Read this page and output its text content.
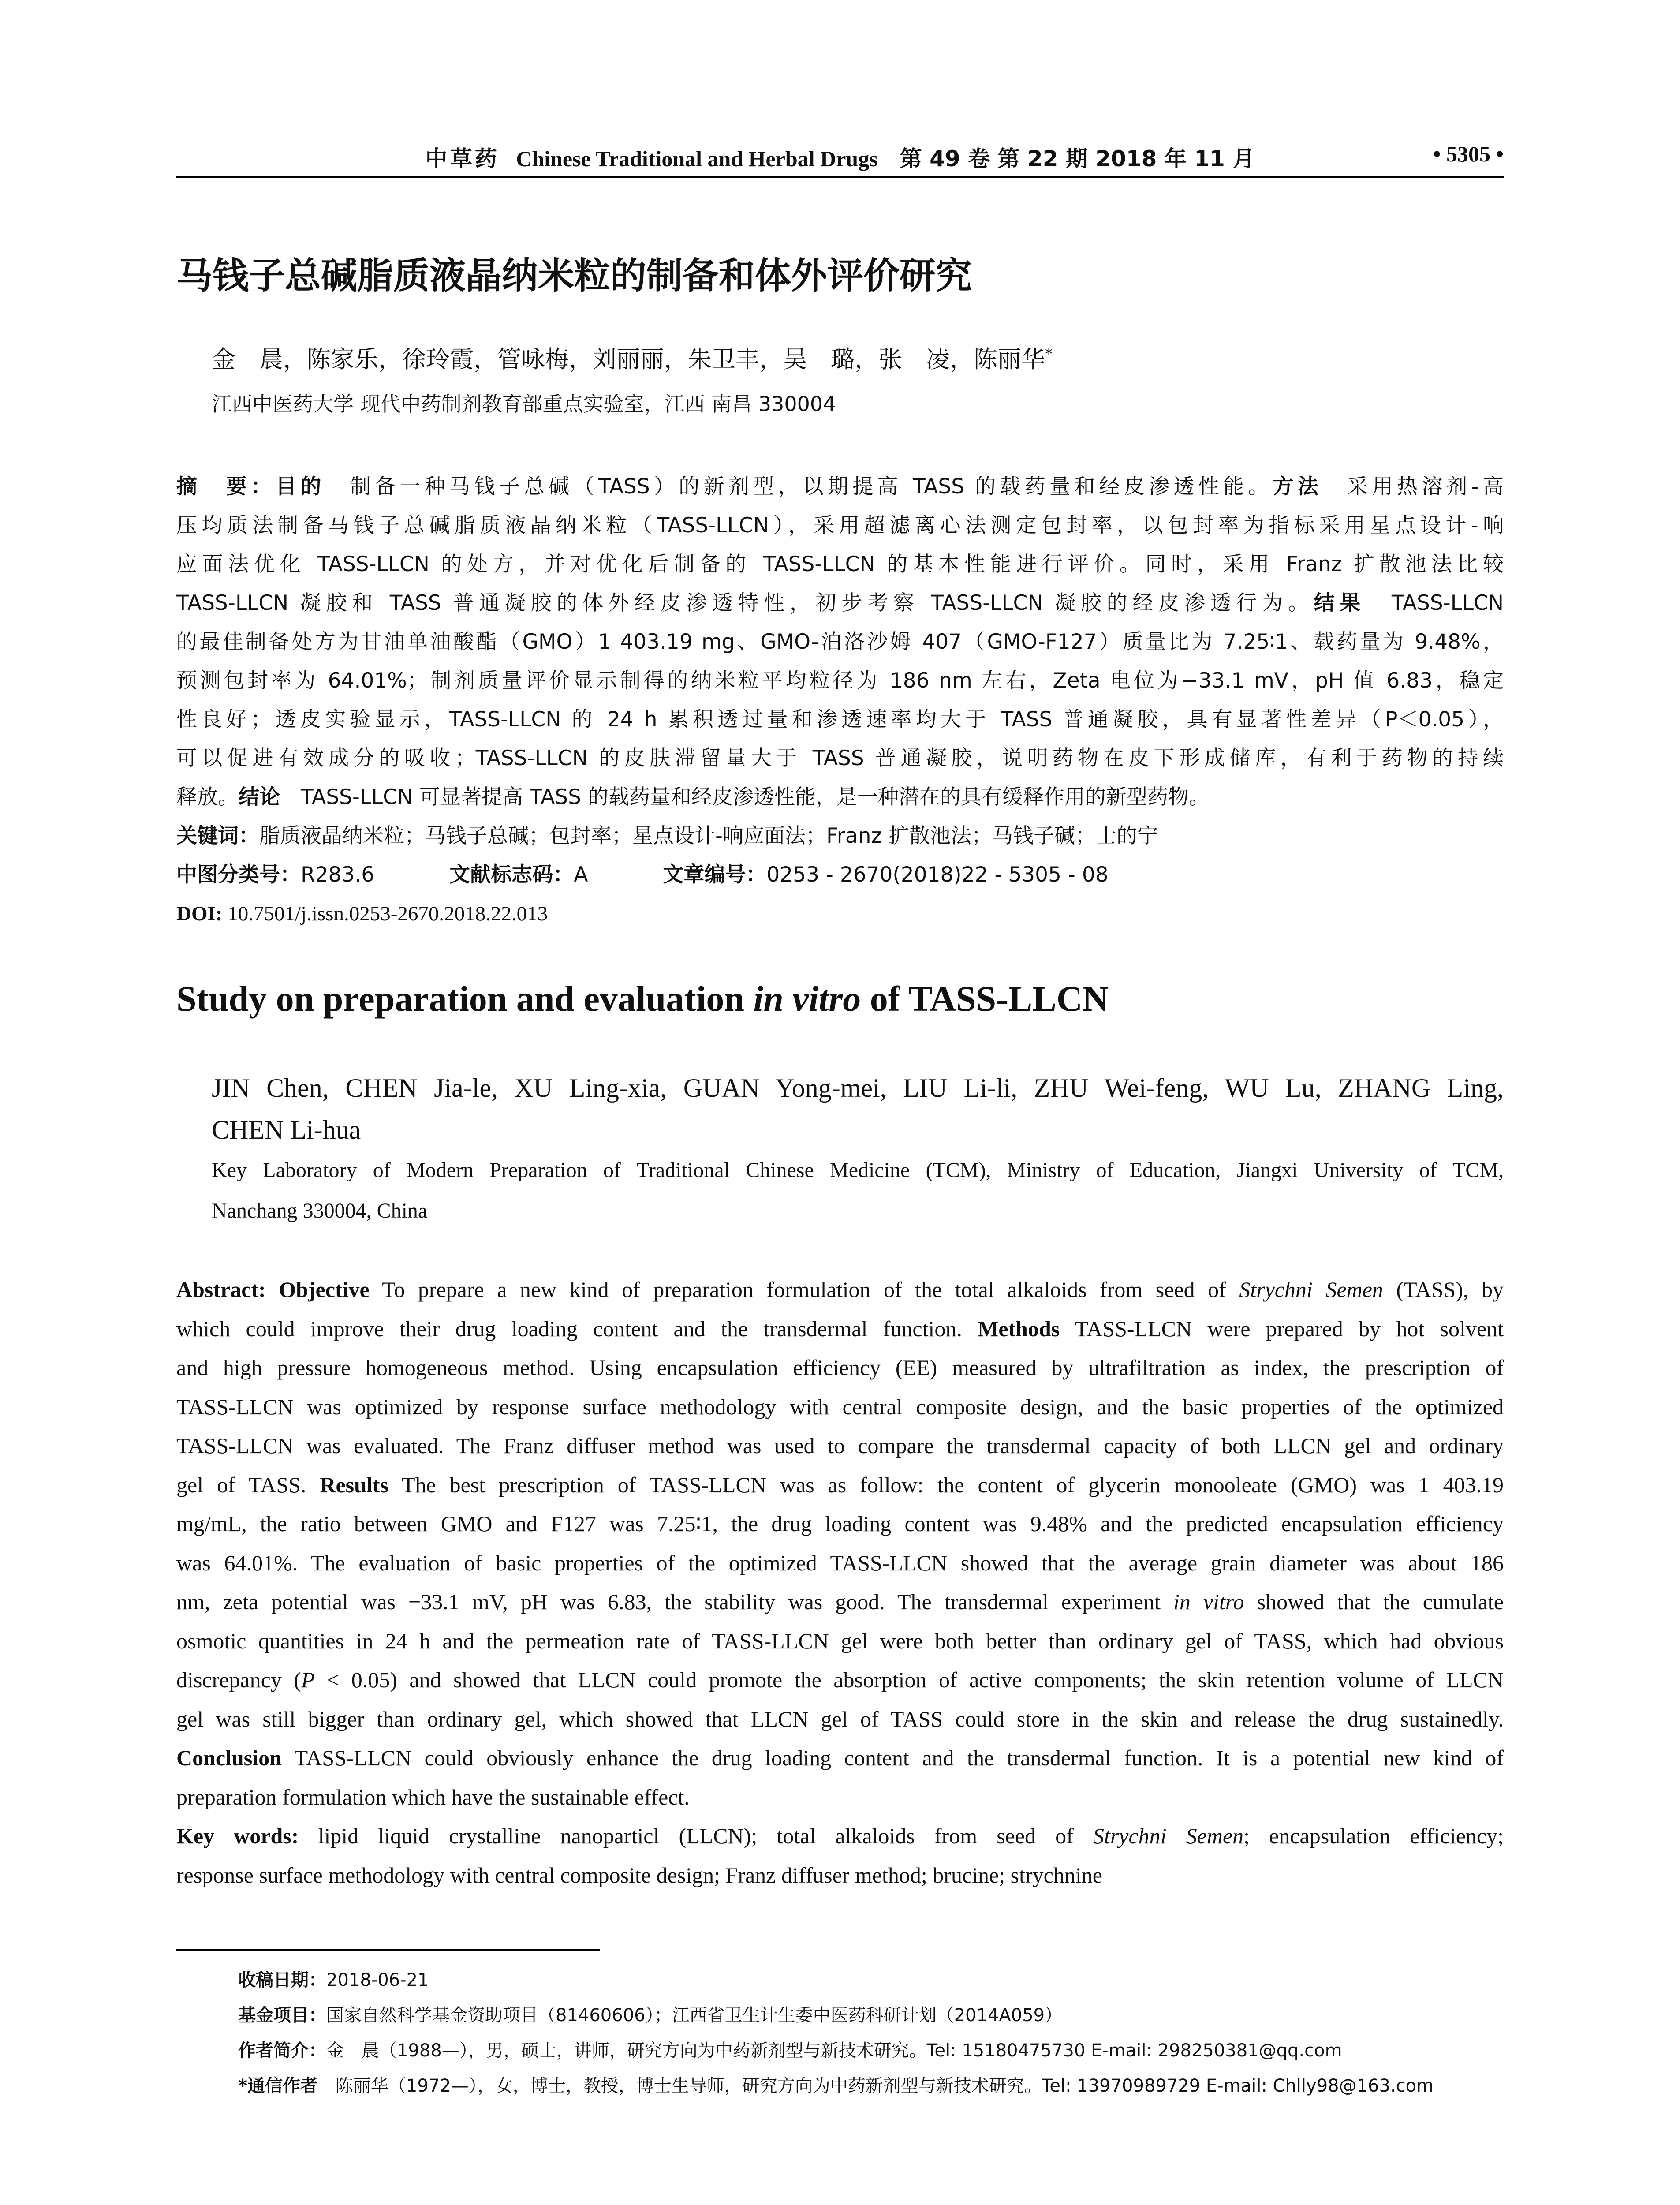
中草药 Chinese Traditional and Herbal Drugs 第 49 卷 第 22 期 2018 年 11 月	• 5305 •
马钱子总碱脂质液晶纳米粒的制备和体外评价研究
金　晨，陈家乐，徐玲霞，管咏梅，刘丽丽，朱卫丰，吴　璐，张　凌，陈丽华*
江西中医药大学 现代中药制剂教育部重点实验室，江西 南昌 330004
摘　要：目的　制备一种马钱子总碱（TASS）的新剂型，以期提高 TASS 的载药量和经皮渗透性能。方法　采用热溶剂-高
压均质法制备马钱子总碱脂质液晶纳米粒（TASS-LLCN），采用超滤离心法测定包封率，以包封率为指标采用星点设计-响
应面法优化 TASS-LLCN 的处方，并对优化后制备的 TASS-LLCN 的基本性能进行评价。同时，采用 Franz 扩散池法比较
TASS-LLCN 凝胶和 TASS 普通凝胶的体外经皮渗透特性，初步考察 TASS-LLCN 凝胶的经皮渗透行为。结果　TASS-LLCN
的最佳制备处方为甘油单油酸酯（GMO）1 403.19 mg、GMO-泊洛沙姆 407（GMO-F127）质量比为 7.25∶1、载药量为 9.48%，
预测包封率为 64.01%；制剂质量评价显示制得的纳米粒平均粒径为 186 nm 左右，Zeta 电位为−33.1 mV，pH 值 6.83，稳定
性良好；透皮实验显示，TASS-LLCN 的 24 h 累积透过量和渗透速率均大于 TASS 普通凝胶，具有显著性差异（P＜0.05），
可以促进有效成分的吸收；TASS-LLCN 的皮肤滞留量大于 TASS 普通凝胶，说明药物在皮下形成储库，有利于药物的持续
释放。结论　TASS-LLCN 可显著提高 TASS 的载药量和经皮渗透性能，是一种潜在的具有缓释作用的新型药物。
关键词：脂质液晶纳米粒；马钱子总碱；包封率；星点设计-响应面法；Franz 扩散池法；马钱子碱；士的宁
中图分类号：R283.6	文献标志码：A	文章编号：0253 - 2670(2018)22 - 5305 - 08
DOI: 10.7501/j.issn.0253-2670.2018.22.013
Study on preparation and evaluation in vitro of TASS-LLCN
JIN Chen, CHEN Jia-le, XU Ling-xia, GUAN Yong-mei, LIU Li-li, ZHU Wei-feng, WU Lu, ZHANG Ling,
CHEN Li-hua
Key Laboratory of Modern Preparation of Traditional Chinese Medicine (TCM), Ministry of Education, Jiangxi University of TCM,
Nanchang 330004, China
Abstract: Objective To prepare a new kind of preparation formulation of the total alkaloids from seed of Strychni Semen (TASS), by
which could improve their drug loading content and the transdermal function. Methods TASS-LLCN were prepared by hot solvent
and high pressure homogeneous method. Using encapsulation efficiency (EE) measured by ultrafiltration as index, the prescription of
TASS-LLCN was optimized by response surface methodology with central composite design, and the basic properties of the optimized
TASS-LLCN was evaluated. The Franz diffuser method was used to compare the transdermal capacity of both LLCN gel and ordinary
gel of TASS. Results The best prescription of TASS-LLCN was as follow: the content of glycerin monooleate (GMO) was 1 403.19
mg/mL, the ratio between GMO and F127 was 7.25∶1, the drug loading content was 9.48% and the predicted encapsulation efficiency
was 64.01%. The evaluation of basic properties of the optimized TASS-LLCN showed that the average grain diameter was about 186
nm, zeta potential was −33.1 mV, pH was 6.83, the stability was good. The transdermal experiment in vitro showed that the cumulate
osmotic quantities in 24 h and the permeation rate of TASS-LLCN gel were both better than ordinary gel of TASS, which had obvious
discrepancy (P < 0.05) and showed that LLCN could promote the absorption of active components; the skin retention volume of LLCN
gel was still bigger than ordinary gel, which showed that LLCN gel of TASS could store in the skin and release the drug sustainedly.
Conclusion TASS-LLCN could obviously enhance the drug loading content and the transdermal function. It is a potential new kind of
preparation formulation which have the sustainable effect.
Key words: lipid liquid crystalline nanoparticl (LLCN); total alkaloids from seed of Strychni Semen; encapsulation efficiency;
response surface methodology with central composite design; Franz diffuser method; brucine; strychnine
收稿日期：2018-06-21
基金项目：国家自然科学基金资助项目（81460606）；江西省卫生计生委中医药科研计划（2014A059）
作者简介：金　晨（1988—），男，硕士，讲师，研究方向为中药新剂型与新技术研究。Tel: 15180475730 E-mail: 298250381@qq.com
*通信作者　陈丽华（1972—），女，博士，教授，博士生导师，研究方向为中药新剂型与新技术研究。Tel: 13970989729 E-mail: Chlly98@163.com
